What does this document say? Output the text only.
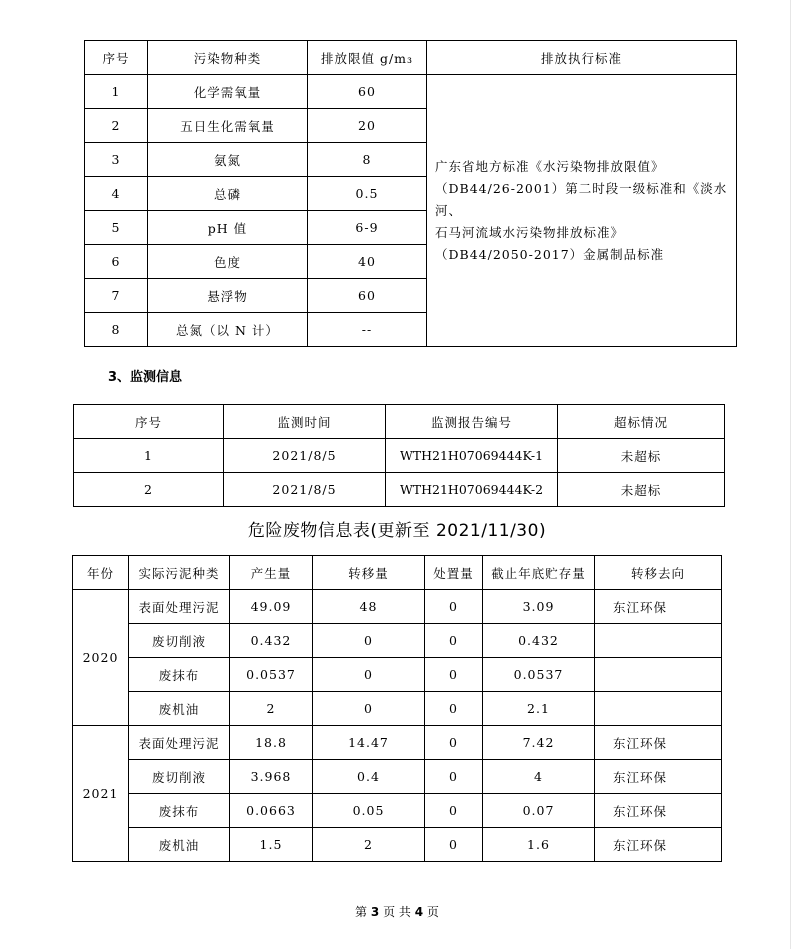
序号	污染物种类	排放限值 g/m₃	排放执行标准
1	化学需氧量	60	广东省地方标准《水污染物排放限值》
（DB44/26-2001）第二时段一级标准和《淡水河、
石马河流域水污染物排放标准》
（DB44/2050-2017）金属制品标准

2	五日生化需氧量	20	
3	氨氮	8	
4	总磷	0.5	
5	pH 值	6-9	
6	色度	40	
7	悬浮物	60	
8	总氮（以 N 计）	--	
3、监测信息
序号	监测时间	监测报告编号	超标情况
1	2021/8/5	WTH21H07069444K-1	未超标
2	2021/8/5	WTH21H07069444K-2	未超标
危险废物信息表(更新至 2021/11/30)
年份	实际污泥种类	产生量	转移量	处置量	截止年底贮存量	转移去向
2020	表面处理污泥	49.09	48	0	3.09	东江环保
	废切削液	0.432	0	0	0.432	
	废抹布	0.0537	0	0	0.0537	
	废机油	2	0	0	2.1	
2021	表面处理污泥	18.8	14.47	0	7.42	东江环保
	废切削液	3.968	0.4	0	4	东江环保
	废抹布	0.0663	0.05	0	0.07	东江环保
	废机油	1.5	2	0	1.6	东江环保
第 3 页 共 4 页
